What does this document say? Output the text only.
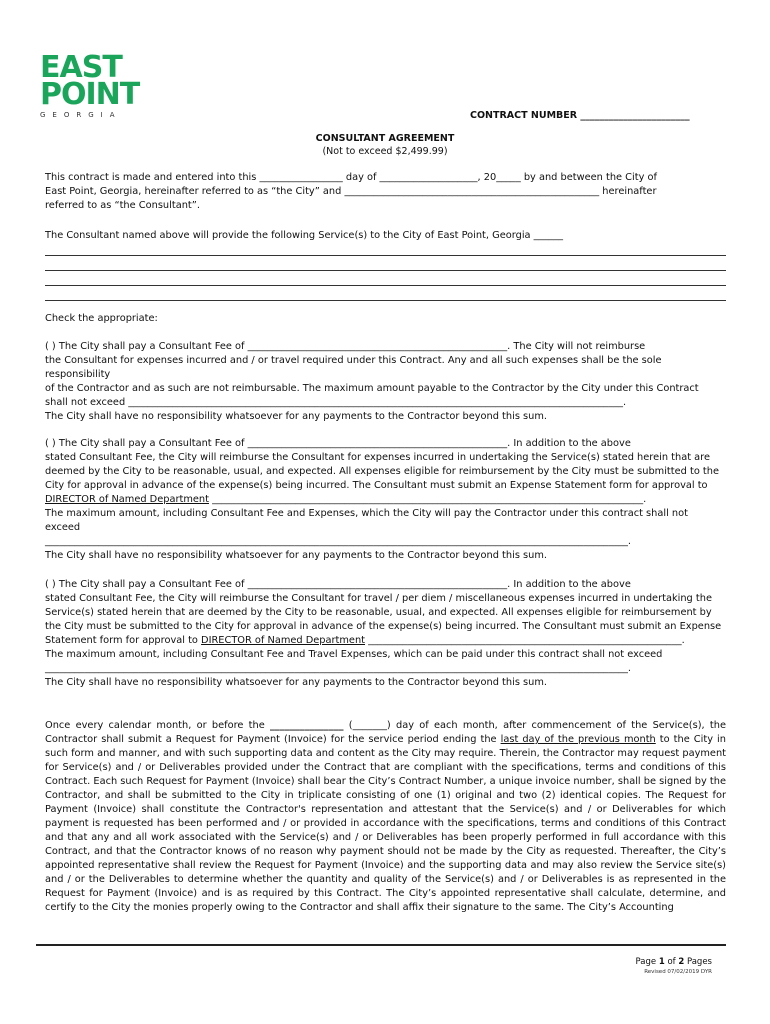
EAST
POINT
GEORGIA	CONTRACT NUMBER _______________________
CONSULTANT AGREEMENT
(Not to exceed $2,499.99)
This contract is made and entered into this _________________ day of ____________________, 20_____ by and between the City of
East Point, Georgia, hereinafter referred to as “the City” and ____________________________________________________ hereinafter
referred to as “the Consultant”.
The Consultant named above will provide the following Service(s) to the City of East Point, Georgia ______
Check the appropriate:
( ) The City shall pay a Consultant Fee of _____________________________________________________. The City will not reimburse
the Consultant for expenses incurred and / or travel required under this Contract. Any and all such expenses shall be the sole responsibility
of the Contractor and as such are not reimbursable. The maximum amount payable to the Contractor by the City under this Contract
shall not exceed _____________________________________________________________________________________________________.
The City shall have no responsibility whatsoever for any payments to the Contractor beyond this sum.
( ) The City shall pay a Consultant Fee of _____________________________________________________. In addition to the above
stated Consultant Fee, the City will reimburse the Consultant for expenses incurred in undertaking the Service(s) stated herein that are
deemed by the City to be reasonable, usual, and expected. All expenses eligible for reimbursement by the City must be submitted to the
City for approval in advance of the expense(s) being incurred. The Consultant must submit an Expense Statement form for approval to
DIRECTOR of Named Department ________________________________________________________________________________________.
The maximum amount, including Consultant Fee and Expenses, which the City will pay the Contractor under this contract shall not exceed
_______________________________________________________________________________________________________________________.
The City shall have no responsibility whatsoever for any payments to the Contractor beyond this sum.
( ) The City shall pay a Consultant Fee of _____________________________________________________. In addition to the above
stated Consultant Fee, the City will reimburse the Consultant for travel / per diem / miscellaneous expenses incurred in undertaking the
Service(s) stated herein that are deemed by the City to be reasonable, usual, and expected. All expenses eligible for reimbursement by
the City must be submitted to the City for approval in advance of the expense(s) being incurred. The Consultant must submit an Expense
Statement form for approval to DIRECTOR of Named Department ________________________________________________________________.
The maximum amount, including Consultant Fee and Travel Expenses, which can be paid under this contract shall not exceed
_______________________________________________________________________________________________________________________.
The City shall have no responsibility whatsoever for any payments to the Contractor beyond this sum.
Once every calendar month, or before the _______________ (_______) day of each month, after commencement of the Service(s), the Contractor shall submit a Request for Payment (Invoice) for the service period ending the last day of the previous month to the City in such form and manner, and with such supporting data and content as the City may require. Therein, the Contractor may request payment for Service(s) and / or Deliverables provided under the Contract that are compliant with the specifications, terms and conditions of this Contract. Each such Request for Payment (Invoice) shall bear the City’s Contract Number, a unique invoice number, shall be signed by the Contractor, and shall be submitted to the City in triplicate consisting of one (1) original and two (2) identical copies. The Request for Payment (Invoice) shall constitute the Contractor's representation and attestant that the Service(s) and / or Deliverables for which payment is requested has been performed and / or provided in accordance with the specifications, terms and conditions of this Contract and that any and all work associated with the Service(s) and / or Deliverables has been properly performed in full accordance with this Contract, and that the Contractor knows of no reason why payment should not be made by the City as requested. Thereafter, the City’s appointed representative shall review the Request for Payment (Invoice) and the supporting data and may also review the Service site(s) and / or the Deliverables to determine whether the quantity and quality of the Service(s) and / or Deliverables is as represented in the Request for Payment (Invoice) and is as required by this Contract. The City’s appointed representative shall calculate, determine, and certify to the City the monies properly owing to the Contractor and shall affix their signature to the same. The City’s Accounting
Page 1 of 2 Pages
Revised 07/02/2019 DYR
